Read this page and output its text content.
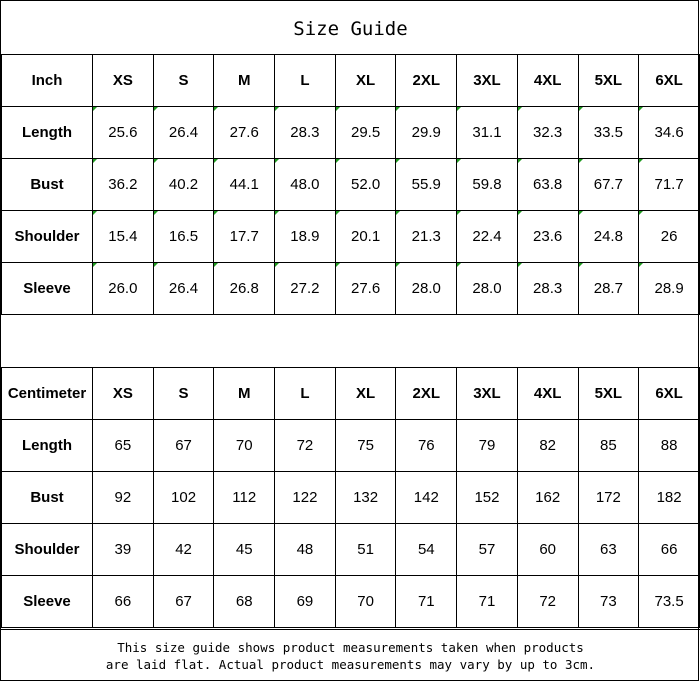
Size Guide
Inch	XS	S	M	L	XL	2XL	3XL	4XL	5XL	6XL
Length	25.6	26.4	27.6	28.3	29.5	29.9	31.1	32.3	33.5	34.6
Bust	36.2	40.2	44.1	48.0	52.0	55.9	59.8	63.8	67.7	71.7
Shoulder	15.4	16.5	17.7	18.9	20.1	21.3	22.4	23.6	24.8	26
Sleeve	26.0	26.4	26.8	27.2	27.6	28.0	28.0	28.3	28.7	28.9
Centimeter	XS	S	M	L	XL	2XL	3XL	4XL	5XL	6XL
Length	65	67	70	72	75	76	79	82	85	88
Bust	92	102	112	122	132	142	152	162	172	182
Shoulder	39	42	45	48	51	54	57	60	63	66
Sleeve	66	67	68	69	70	71	71	72	73	73.5
This size guide shows product measurements taken when products
are laid flat. Actual product measurements may vary by up to 3cm.
